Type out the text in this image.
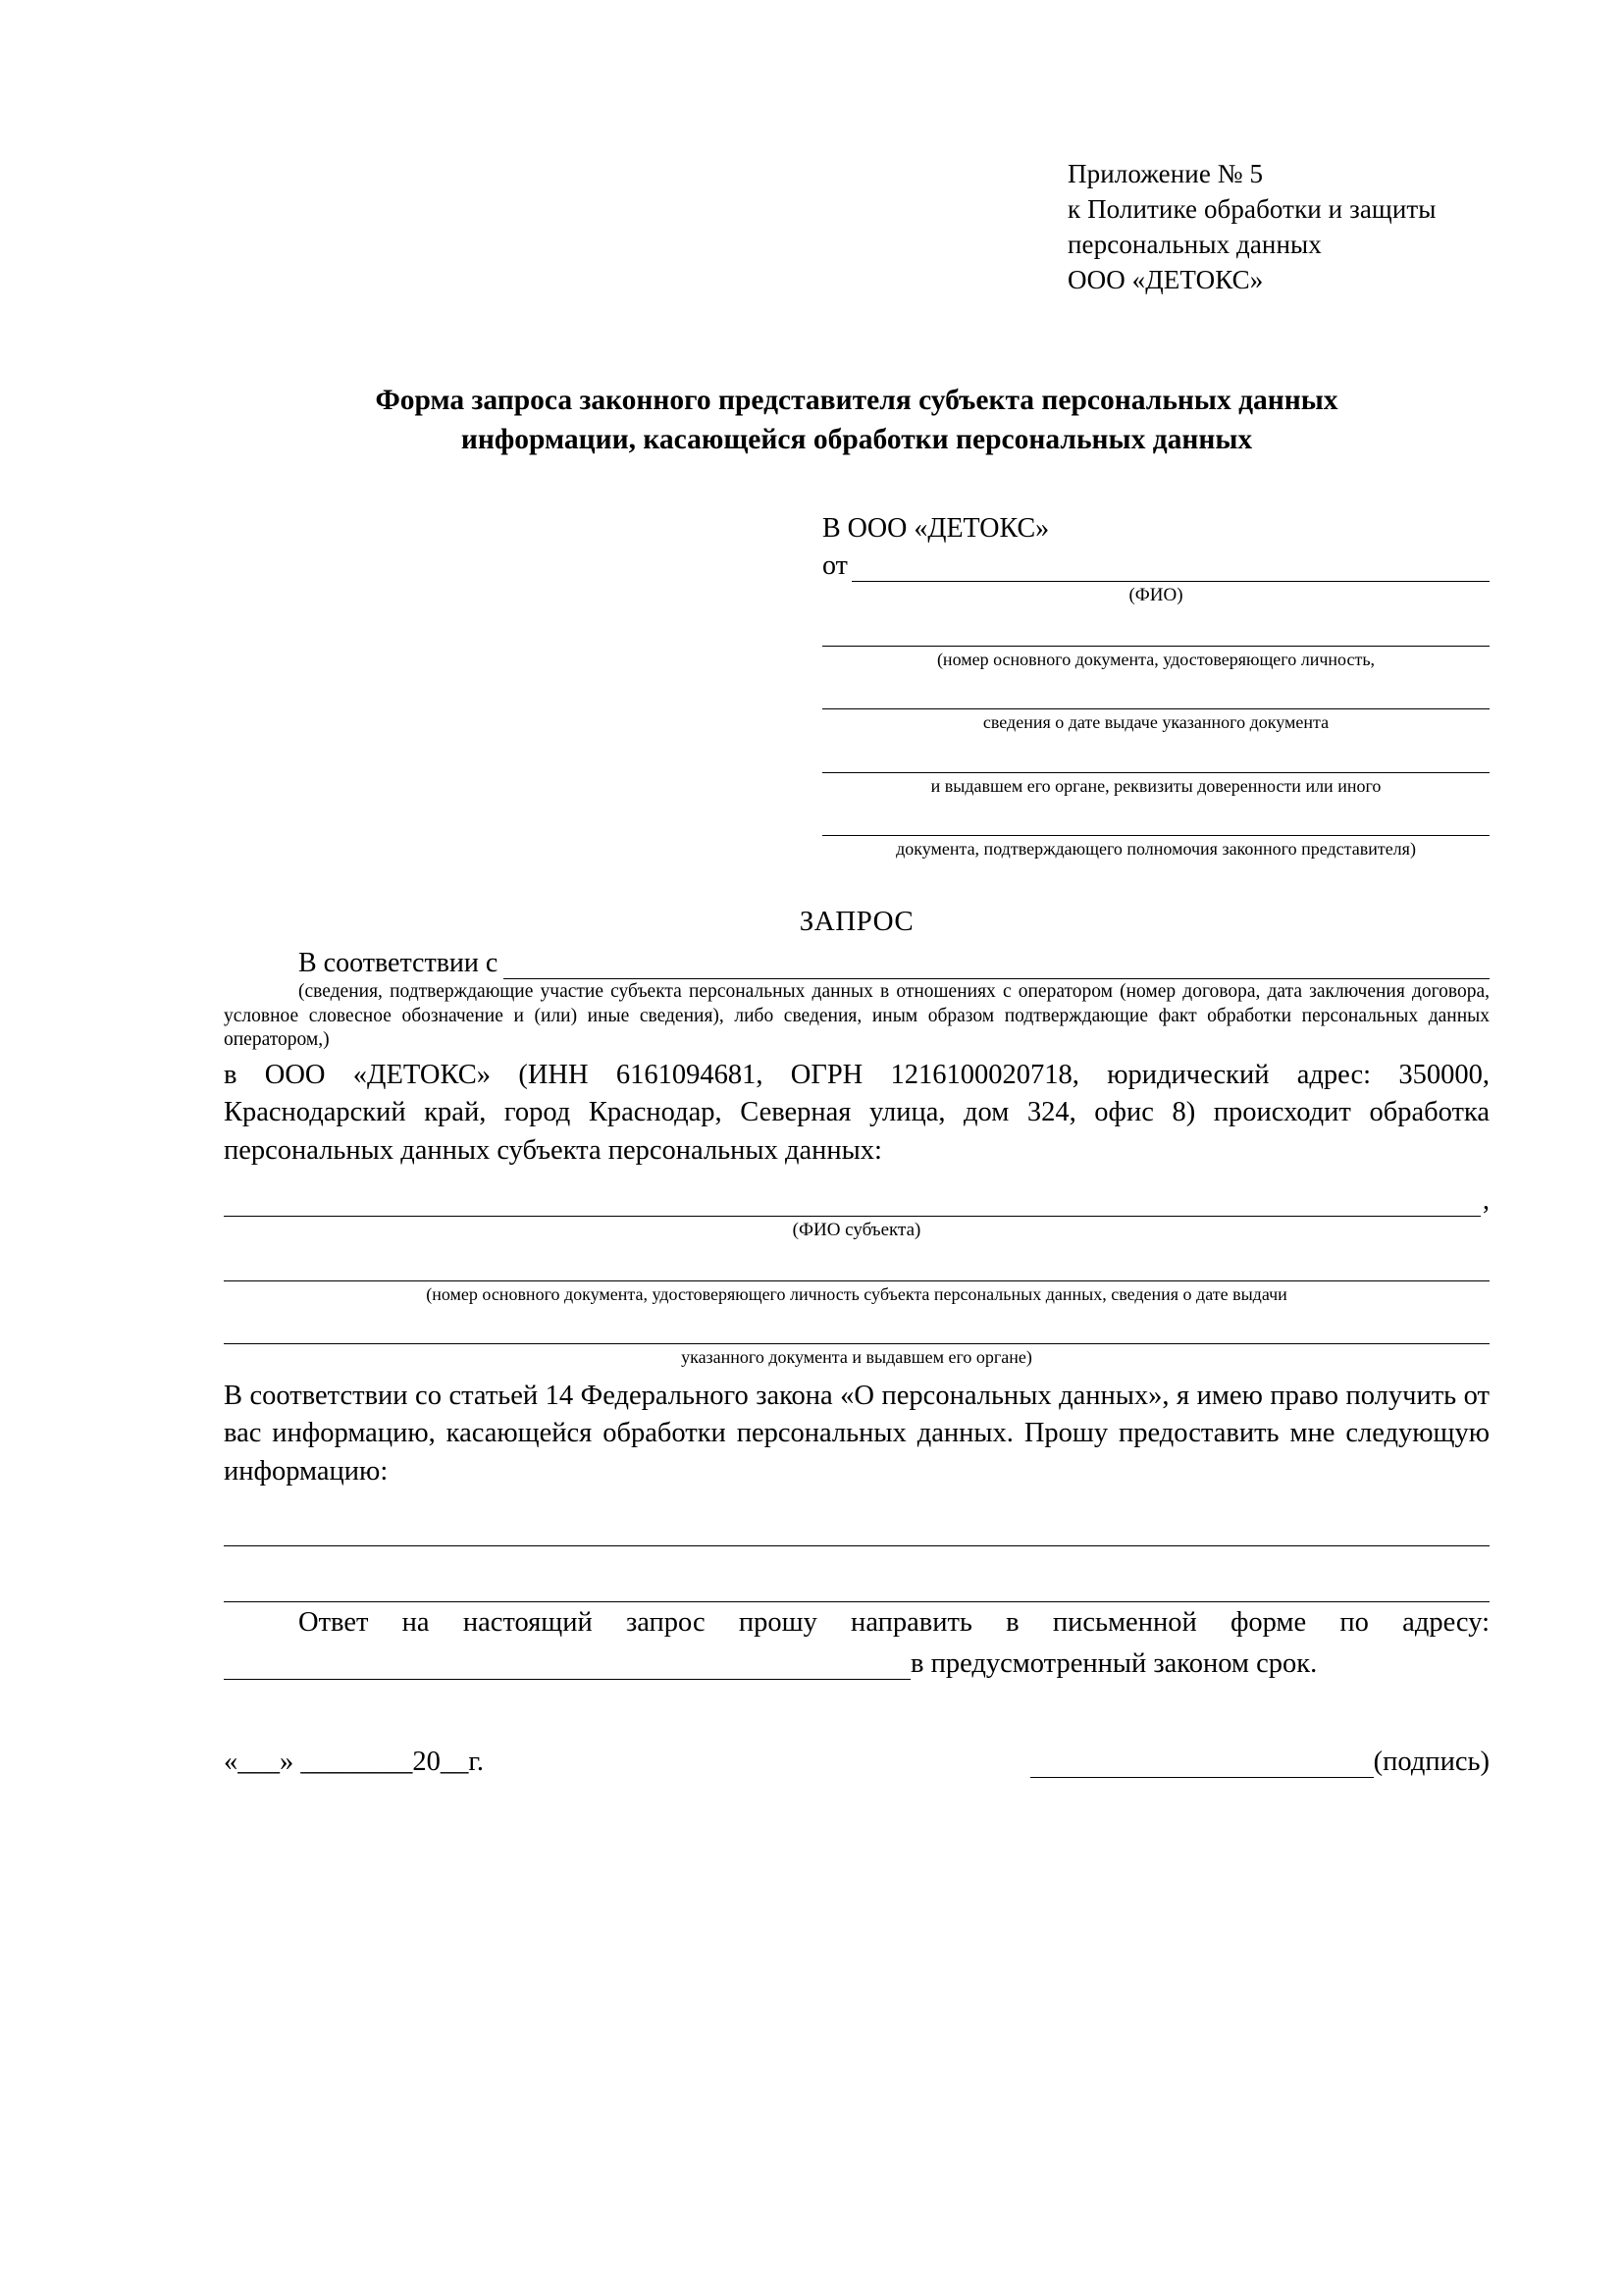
Приложение № 5
к Политике обработки и защиты
персональных данных
ООО «ДЕТОКС»
Форма запроса законного представителя субъекта персональных данных
информации, касающейся обработки персональных данных
В ООО «ДЕТОКС»
от
(ФИО)
(номер основного документа, удостоверяющего личность,
сведения о дате выдаче указанного документа
и выдавшем его органе, реквизиты доверенности или иного
документа, подтверждающего полномочия законного представителя)
ЗАПРОС
В соответствии с
(сведения, подтверждающие участие субъекта персональных данных в отношениях с оператором (номер договора, дата заключения договора, условное словесное обозначение и (или) иные сведения), либо сведения, иным образом подтверждающие факт обработки персональных данных оператором,)
в ООО «ДЕТОКС» (ИНН 6161094681, ОГРН 1216100020718, юридический адрес: 350000, Краснодарский край, город Краснодар, Северная улица, дом 324, офис 8) происходит обработка персональных данных субъекта персональных данных:
,
(ФИО субъекта)
(номер основного документа, удостоверяющего личность субъекта персональных данных, сведения о дате выдачи
указанного документа и выдавшем его органе)
В соответствии со статьей 14 Федерального закона «О персональных данных», я имею право получить от вас информацию, касающейся обработки персональных данных. Прошу предоставить мне следующую информацию:
Ответ на настоящий запрос прошу направить в письменной форме по адресу:
в предусмотренный законом срок.
«___» ________20__г.	(подпись)
